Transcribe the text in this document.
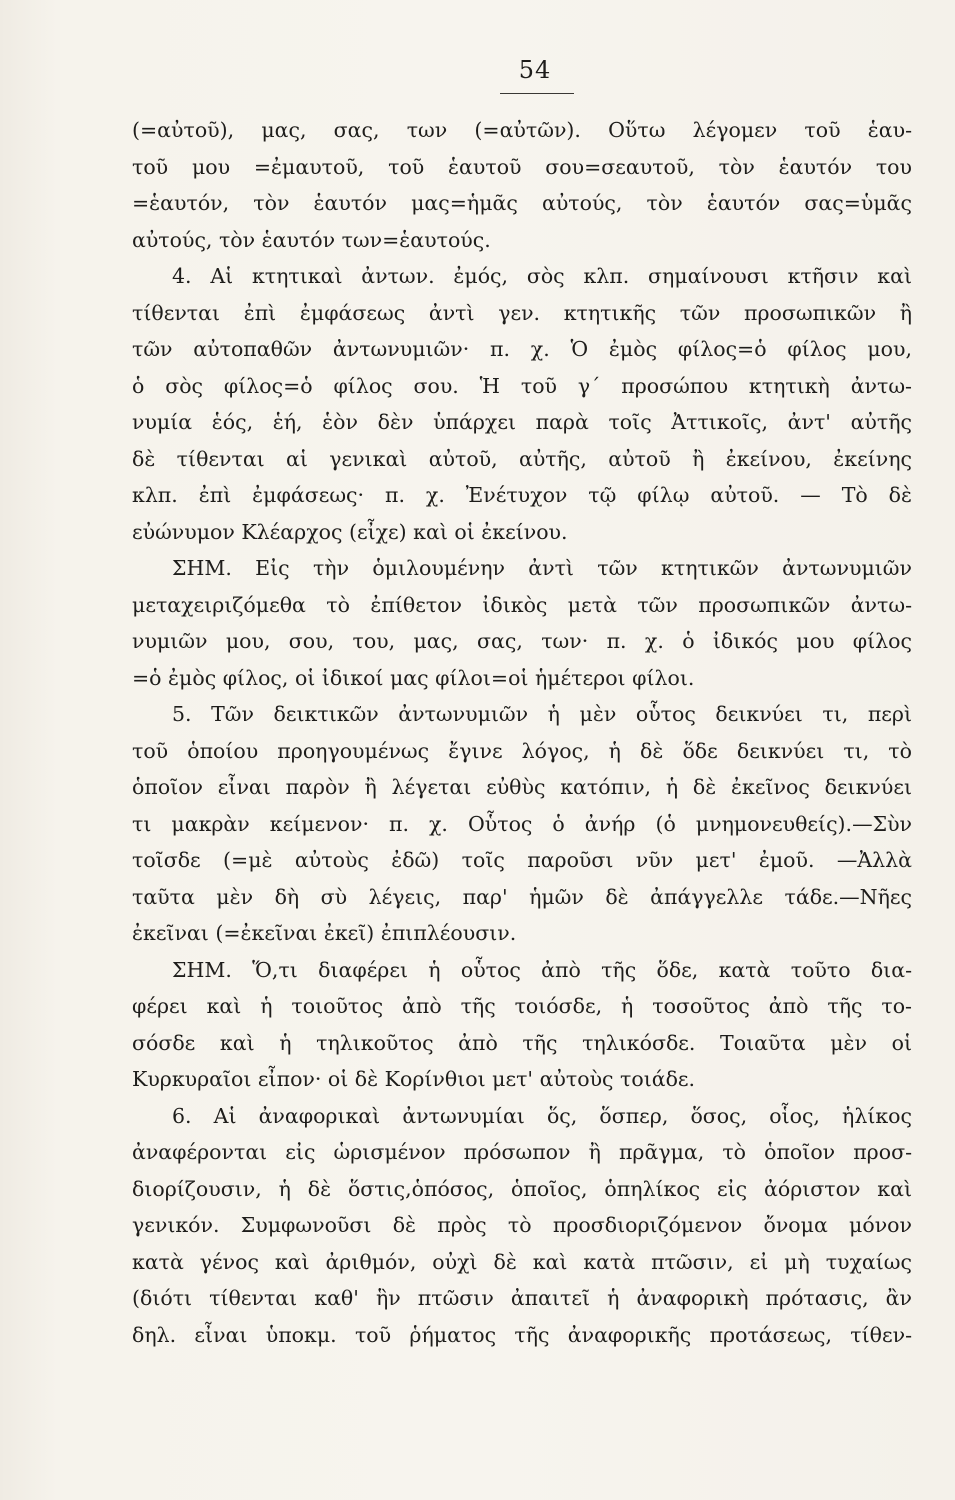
54
(=αὐτοῦ), μας, σας, των (=αὐτῶν). Οὕτω λέγομεν τοῦ ἑαυ-
τοῦ μου =ἐμαυτοῦ, τοῦ ἑαυτοῦ σου=σεαυτοῦ, τὸν ἑαυτόν του
=ἑαυτόν, τὸν ἑαυτόν μας=ἡμᾶς αὐτούς, τὸν ἑαυτόν σας=ὑμᾶς
αὐτούς, τὸν ἑαυτόν των=ἑαυτούς.
4. Αἱ κτητικαὶ ἀντων. ἐμός, σὸς κλπ. σημαίνουσι κτῆσιν καὶ
τίθενται ἐπὶ ἐμφάσεως ἀντὶ γεν. κτητικῆς τῶν προσωπικῶν ἢ
τῶν αὐτοπαθῶν ἀντωνυμιῶν· π. χ. Ὁ ἐμὸς φίλος=ὁ φίλος μου,
ὁ σὸς φίλος=ὁ φίλος σου. Ἡ τοῦ γ΄ προσώπου κτητικὴ ἀντω-
νυμία ἑός, ἑή, ἑὸν δὲν ὑπάρχει παρὰ τοῖς Ἀττικοῖς, ἀντ' αὐτῆς
δὲ τίθενται αἱ γενικαὶ αὐτοῦ, αὐτῆς, αὐτοῦ ἢ ἐκείνου, ἐκείνης
κλπ. ἐπὶ ἐμφάσεως· π. χ. Ἐνέτυχον τῷ φίλῳ αὐτοῦ. — Τὸ δὲ
εὐώνυμον Κλέαρχος (εἶχε) καὶ οἱ ἐκείνου.
ΣΗΜ. Εἰς τὴν ὁμιλουμένην ἀντὶ τῶν κτητικῶν ἀντωνυμιῶν
μεταχειριζόμεθα τὸ ἐπίθετον ἰδικὸς μετὰ τῶν προσωπικῶν ἀντω-
νυμιῶν μου, σου, του, μας, σας, των· π. χ. ὁ ἰδικός μου φίλος
=ὁ ἐμὸς φίλος, οἱ ἰδικοί μας φίλοι=οἱ ἡμέτεροι φίλοι.
5. Τῶν δεικτικῶν ἀντωνυμιῶν ἡ μὲν οὗτος δεικνύει τι, περὶ
τοῦ ὁποίου προηγουμένως ἔγινε λόγος, ἡ δὲ ὅδε δεικνύει τι, τὸ
ὁποῖον εἶναι παρὸν ἢ λέγεται εὐθὺς κατόπιν, ἡ δὲ ἐκεῖνος δεικνύει
τι μακρὰν κείμενον· π. χ. Οὗτος ὁ ἀνήρ (ὁ μνημονευθείς).—Σὺν
τοῖσδε (=μὲ αὐτοὺς ἐδῶ) τοῖς παροῦσι νῦν μετ' ἐμοῦ. —Ἀλλὰ
ταῦτα μὲν δὴ σὺ λέγεις, παρ' ἡμῶν δὲ ἀπάγγελλε τάδε.—Νῆες
ἐκεῖναι (=ἐκεῖναι ἐκεῖ) ἐπιπλέουσιν.
ΣΗΜ. Ὅ,τι διαφέρει ἡ οὗτος ἀπὸ τῆς ὅδε, κατὰ τοῦτο δια-
φέρει καὶ ἡ τοιοῦτος ἀπὸ τῆς τοιόσδε, ἡ τοσοῦτος ἀπὸ τῆς το-
σόσδε καὶ ἡ τηλικοῦτος ἀπὸ τῆς τηλικόσδε. Τοιαῦτα μὲν οἱ
Κυρκυραῖοι εἶπον· οἱ δὲ Κορίνθιοι μετ' αὐτοὺς τοιάδε.
6. Αἱ ἀναφορικαὶ ἀντωνυμίαι ὅς, ὅσπερ, ὅσος, οἷος, ἡλίκος
ἀναφέρονται εἰς ὡρισμένον πρόσωπον ἢ πρᾶγμα, τὸ ὁποῖον προσ-
διορίζουσιν, ἡ δὲ ὅστις,ὁπόσος, ὁποῖος, ὁπηλίκος εἰς ἀόριστον καὶ
γενικόν. Συμφωνοῦσι δὲ πρὸς τὸ προσδιοριζόμενον ὄνομα μόνον
κατὰ γένος καὶ ἀριθμόν, οὐχὶ δὲ καὶ κατὰ πτῶσιν, εἰ μὴ τυχαίως
(διότι τίθενται καθ' ἣν πτῶσιν ἀπαιτεῖ ἡ ἀναφορικὴ πρότασις, ἂν
δηλ. εἶναι ὑποκμ. τοῦ ῥήματος τῆς ἀναφορικῆς προτάσεως, τίθεν-
